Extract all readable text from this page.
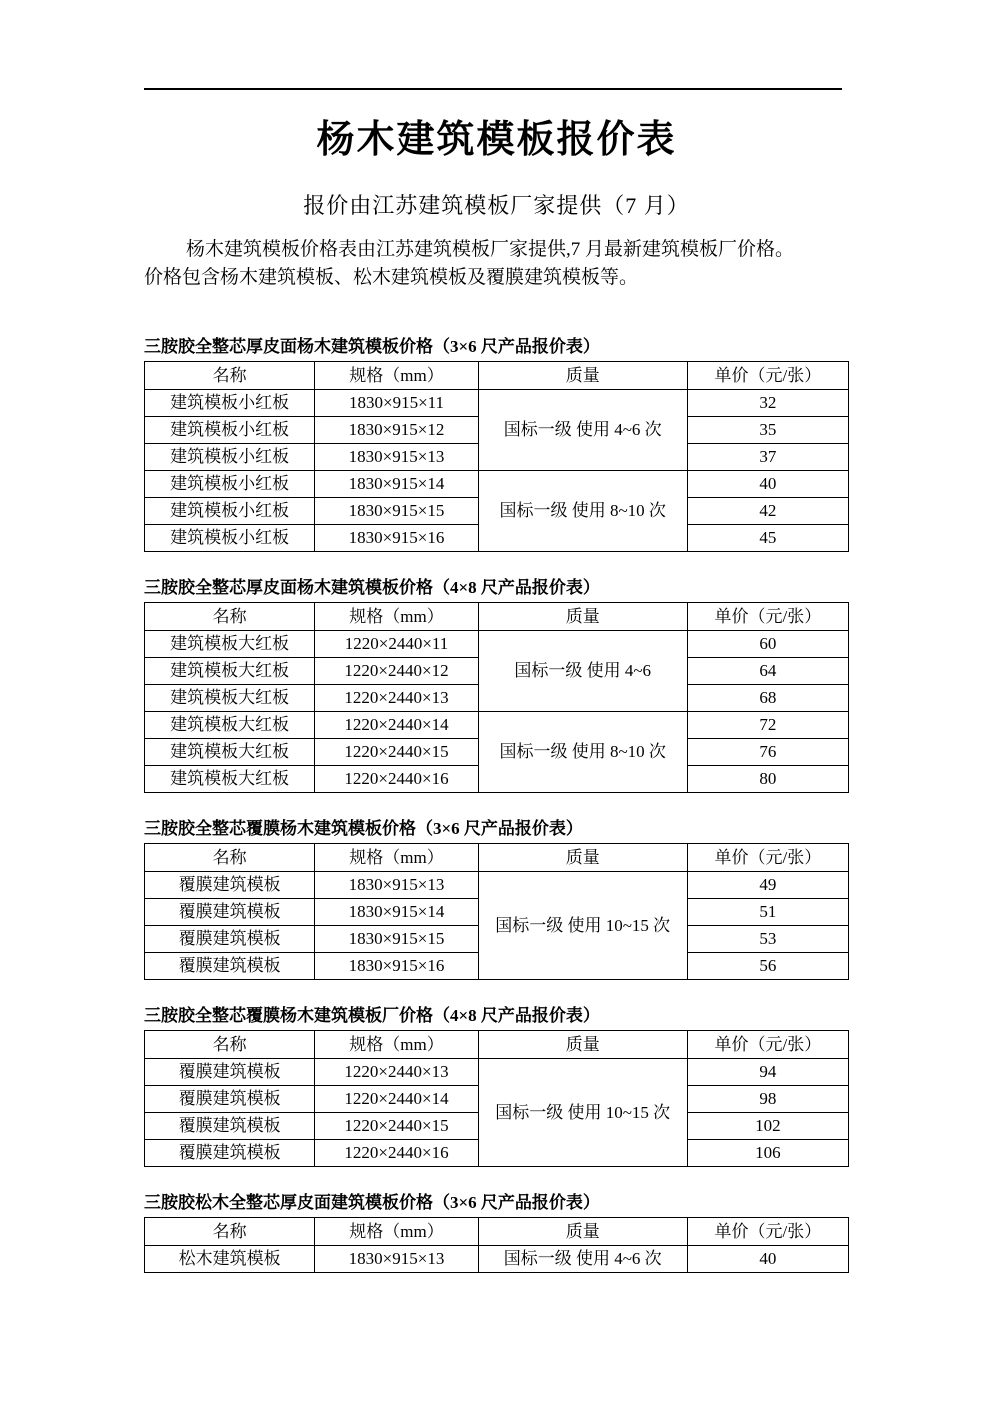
杨木建筑模板报价表
报价由江苏建筑模板厂家提供（7 月）
杨木建筑模板价格表由江苏建筑模板厂家提供,7 月最新建筑模板厂价格。
价格包含杨木建筑模板、松木建筑模板及覆膜建筑模板等。
三胺胶全整芯厚皮面杨木建筑模板价格（3×6 尺产品报价表）
名称	规格（mm）	质量	单价（元/张）
建筑模板小红板	1830×915×11	国标一级 使用 4~6 次	32
建筑模板小红板	1830×915×12		35
建筑模板小红板	1830×915×13		37
建筑模板小红板	1830×915×14	国标一级 使用 8~10 次	40
建筑模板小红板	1830×915×15		42
建筑模板小红板	1830×915×16		45
三胺胶全整芯厚皮面杨木建筑模板价格（4×8 尺产品报价表）
名称	规格（mm）	质量	单价（元/张）
建筑模板大红板	1220×2440×11	国标一级 使用 4~6	60
建筑模板大红板	1220×2440×12		64
建筑模板大红板	1220×2440×13		68
建筑模板大红板	1220×2440×14	国标一级 使用 8~10 次	72
建筑模板大红板	1220×2440×15		76
建筑模板大红板	1220×2440×16		80
三胺胶全整芯覆膜杨木建筑模板价格（3×6 尺产品报价表）
名称	规格（mm）	质量	单价（元/张）
覆膜建筑模板	1830×915×13	国标一级 使用 10~15 次	49
覆膜建筑模板	1830×915×14		51
覆膜建筑模板	1830×915×15		53
覆膜建筑模板	1830×915×16		56
三胺胶全整芯覆膜杨木建筑模板厂价格（4×8 尺产品报价表）
名称	规格（mm）	质量	单价（元/张）
覆膜建筑模板	1220×2440×13	国标一级 使用 10~15 次	94
覆膜建筑模板	1220×2440×14		98
覆膜建筑模板	1220×2440×15		102
覆膜建筑模板	1220×2440×16		106
三胺胶松木全整芯厚皮面建筑模板价格（3×6 尺产品报价表）
名称	规格（mm）	质量	单价（元/张）
松木建筑模板	1830×915×13	国标一级 使用 4~6 次	40
